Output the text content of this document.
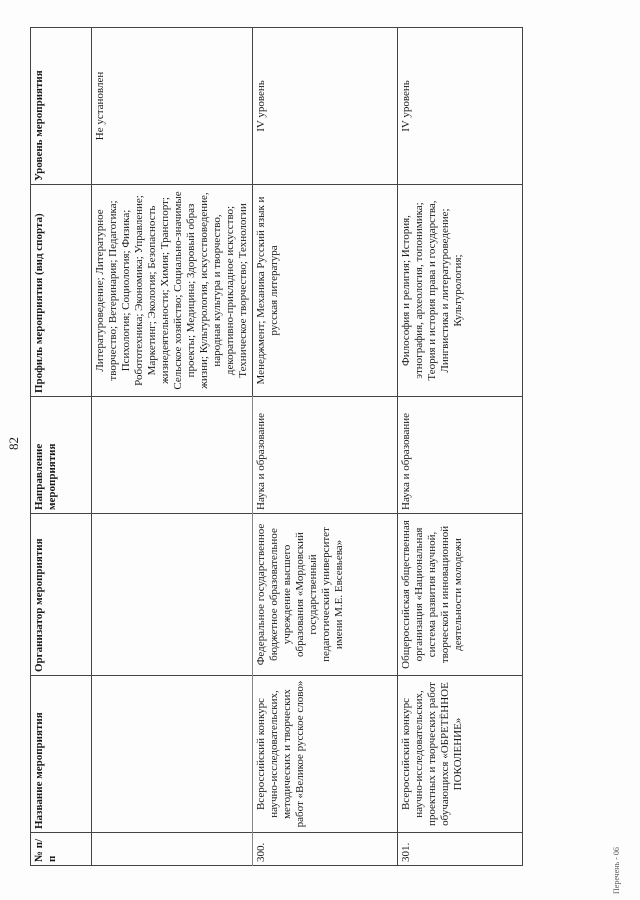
82
№ п/п	Название мероприятия	Организатор мероприятия	Направление мероприятия	Профиль мероприятия (вид спорта)	Уровень мероприятия
				Литературоведение; Литературное творчество; Ветеринария; Педагогика; Психология; Социология; Физика; Робототехника; Экономика; Управление; Маркетинг; Экология; Безопасность жизнедеятельности; Химия; Транспорт; Сельское хозяйство; Социально-значимые проекты; Медицина; Здоровый образ жизни; Культурология, искусствоведение, народная культура и творчество, декоративно-прикладное искусство; Техническое творчество; Технологии	Не установлен
300.	Всероссийский конкурс научно-исследовательских, методических и творческих работ «Великое русское слово»	Федеральное государственное бюджетное образовательное учреждение высшего образования «Мордовский государственный педагогический университет имени М.Е. Евсевьева»	Наука и образование	Менеджмент; Механика Русский язык и русская литература	IV уровень
301.	Всероссийский конкурс научно-исследовательских, проектных и творческих работ обучающихся «ОБРЕТЁННОЕ ПОКОЛЕНИЕ»	Общероссийская общественная организация «Национальная система развития научной, творческой и инновационной деятельности молодежи	Наука и образование	Философия и религия; История, этнография, археология, топонимика; Теория и история права и государства, Лингвистика и литературоведение; Культурология;	IV уровень
Перечень - 06
